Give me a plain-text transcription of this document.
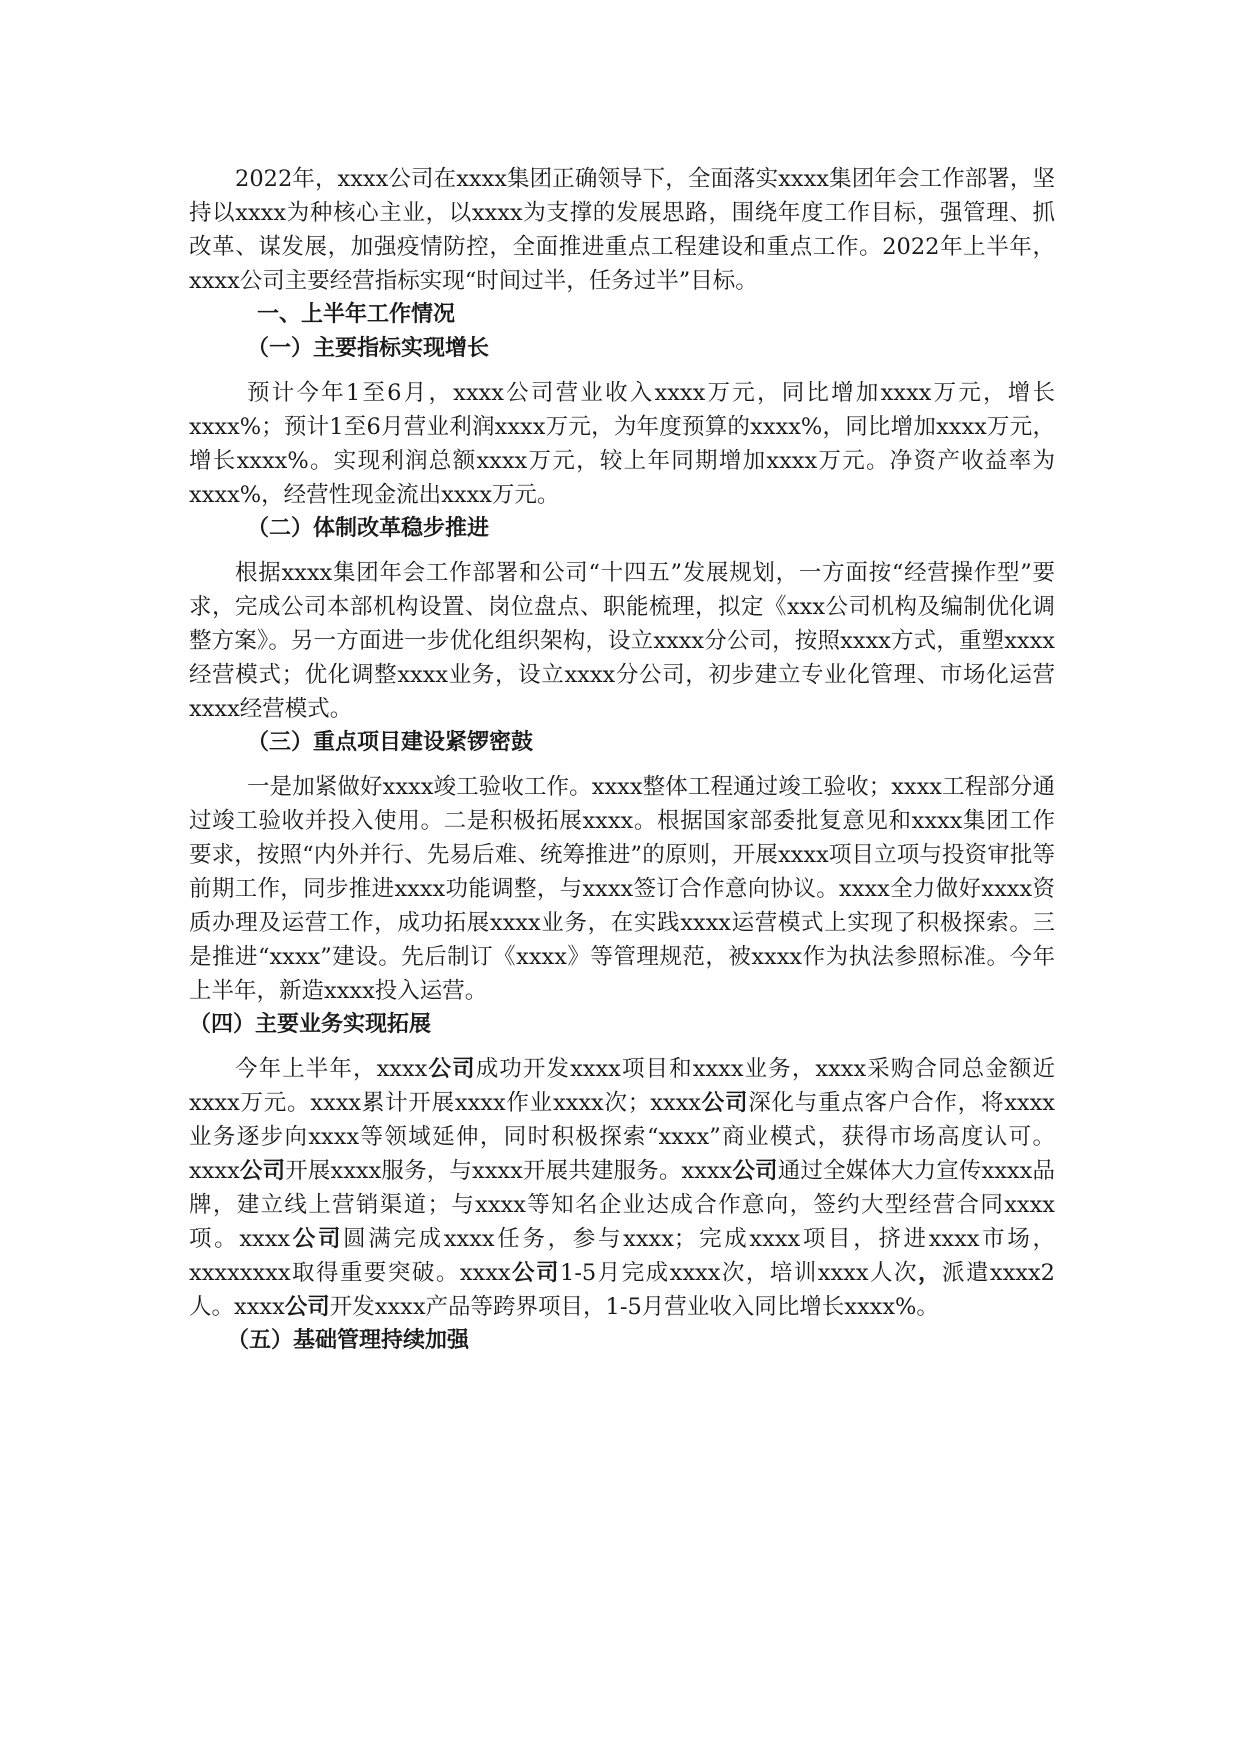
2022年，xxxx公司在xxxx集团正确领导下，全面落实xxxx集团年会工作部署，坚持以xxxx为种核心主业，以xxxx为支撑的发展思路，围绕年度工作目标，强管理、抓改革、谋发展，加强疫情防控，全面推进重点工程建设和重点工作。2022年上半年，xxxx公司主要经营指标实现“时间过半，任务过半”目标。

一、上半年工作情况

（一）主要指标实现增长

预计今年1至6月，xxxx公司营业收入xxxx万元，同比增加xxxx万元，增长xxxx%；预计1至6月营业利润xxxx万元，为年度预算的xxxx%，同比增加xxxx万元，增长xxxx%。实现利润总额xxxx万元，较上年同期增加xxxx万元。净资产收益率为xxxx%，经营性现金流出xxxx万元。

（二）体制改革稳步推进

根据xxxx集团年会工作部署和公司“十四五”发展规划，一方面按“经营操作型”要求，完成公司本部机构设置、岗位盘点、职能梳理，拟定《xxx公司机构及编制优化调整方案》。另一方面进一步优化组织架构，设立xxxx分公司，按照xxxx方式，重塑xxxx经营模式；优化调整xxxx业务，设立xxxx分公司，初步建立专业化管理、市场化运营xxxx经营模式。

（三）重点项目建设紧锣密鼓

一是加紧做好xxxx竣工验收工作。xxxx整体工程通过竣工验收；xxxx工程部分通过竣工验收并投入使用。二是积极拓展xxxx。根据国家部委批复意见和xxxx集团工作要求，按照“内外并行、先易后难、统筹推进”的原则，开展xxxx项目立项与投资审批等前期工作，同步推进xxxx功能调整，与xxxx签订合作意向协议。xxxx全力做好xxxx资质办理及运营工作，成功拓展xxxx业务，在实践xxxx运营模式上实现了积极探索。三是推进“xxxx”建设。先后制订《xxxx》等管理规范，被xxxx作为执法参照标准。今年上半年，新造xxxx投入运营。

（四）主要业务实现拓展

今年上半年，xxxx公司成功开发xxxx项目和xxxx业务，xxxx采购合同总金额近xxxx万元。xxxx累计开展xxxx作业xxxx次；xxxx公司深化与重点客户合作，将xxxx业务逐步向xxxx等领域延伸，同时积极探索“xxxx”商业模式，获得市场高度认可。xxxx公司开展xxxx服务，与xxxx开展共建服务。xxxx公司通过全媒体大力宣传xxxx品牌，建立线上营销渠道；与xxxx等知名企业达成合作意向，签约大型经营合同xxxx项。xxxx公司圆满完成xxxx任务，参与xxxx；完成xxxx项目，挤进xxxx市场，xxxxxxxx取得重要突破。xxxx公司1-5月完成xxxx次，培训xxxx人次，派遣xxxx2人。xxxx公司开发xxxx产品等跨界项目，1-5月营业收入同比增长xxxx%。

（五）基础管理持续加强
